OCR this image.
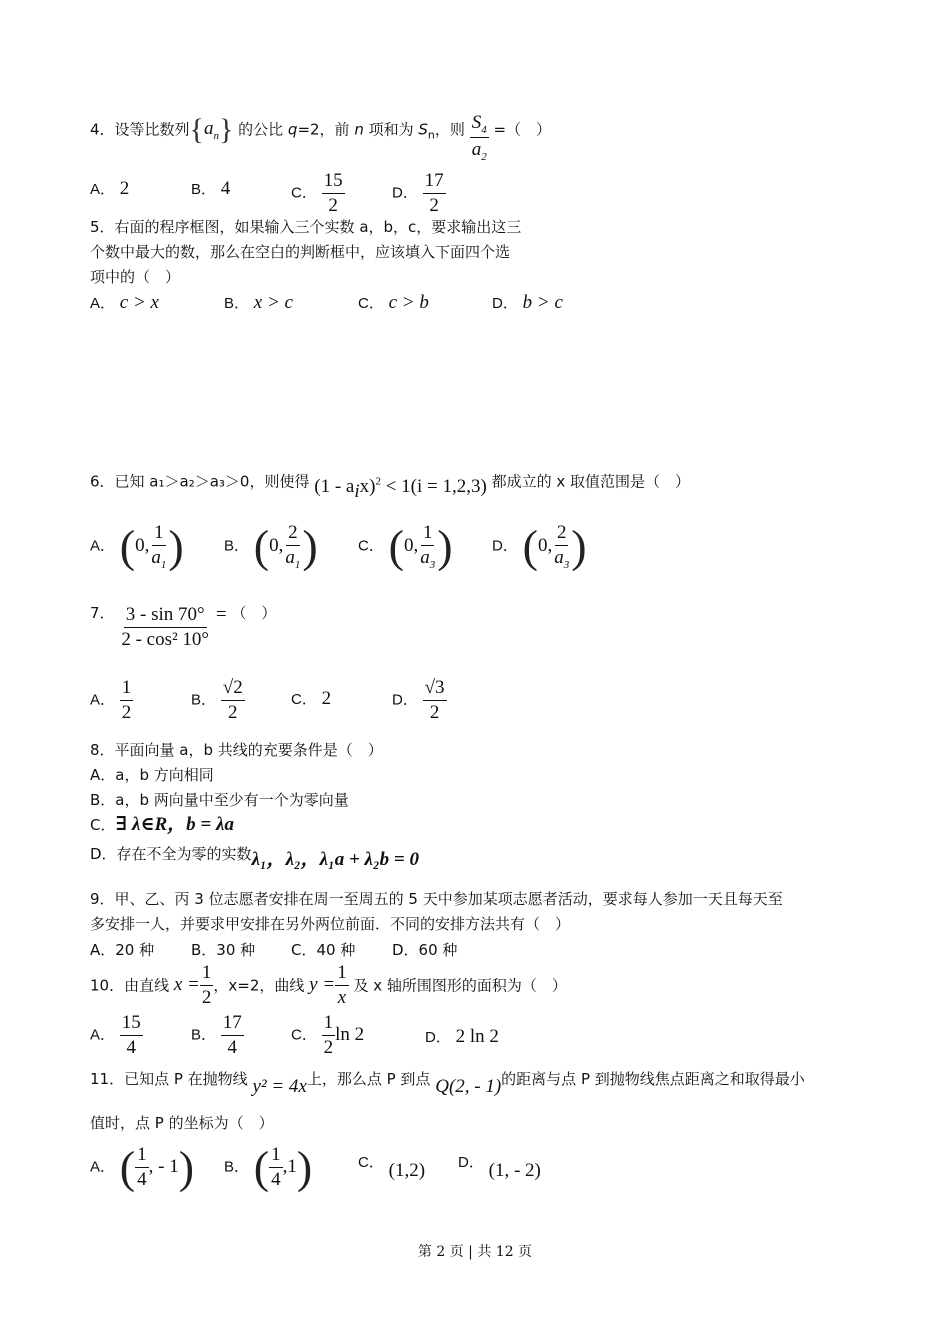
4．设等比数列$\{a_n\}$ 的公比 q=2，前 n 项和为 $S_n$，则 $\frac{S_4}{a_2}$ =（　）
A． 2	B． 4	C． $\frac{15}{2}$	D． $\frac{17}{2}$
5．右面的程序框图，如果输入三个实数 a，b，c，要求输出这三
个数中最大的数，那么在空白的判断框中，应该填入下面四个选
项中的（　）
A． c > x	B． x > c	C． c > b	D． b > c
6．已知 a₁＞a₂＞a₃＞0，则使得 $(1 - a_ix)^2 < 1(i = 1,2,3)$ 都成立的 x 取值范围是（　）
A． (0, $\frac{1}{a_1}$ )	B． (0, $\frac{2}{a_1}$ )	C． (0, $\frac{1}{a_3}$ )	D． (0, $\frac{2}{a_3}$ )
7． $\frac{3 - \sin 70^\circ}{\text{2 - cos² 10°}}$ = （　）
A． $\frac{1}{2}$	B． $\frac{√2}{2}$	C． 2	D． $\frac{√3}{2}$
8．平面向量 a，b 共线的充要条件是（　）
A．a，b 方向相同
B．a，b 两向量中至少有一个为零向量
C．∃ λ∈R，b = λa
D．存在不全为零的实数λ₁，λ₂，λ₁a + λ₂b = 0
9．甲、乙、丙 3 位志愿者安排在周一至周五的 5 天中参加某项志愿者活动，要求每人参加一天且每天至
多安排一人，并要求甲安排在另外两位前面．不同的安排方法共有（　）
A．20 种 B．30 种 C．40 种 D．60 种
10．由直线 $x = \frac{1}{2}$ ，x=2，曲线 $y = \frac{1}{x}$ 及 x 轴所围图形的面积为（　）
A． $\frac{15}{4}$	B． $\frac{17}{4}$	C． $\frac{1}{2}$ ln 2	D． 2 ln 2
11．已知点 P 在抛物线 y² = 4x上，那么点 P 到点 Q(2, - 1)的距离与点 P 到抛物线焦点距离之和取得最小
值时，点 P 的坐标为（　）
A． ( $\frac{1}{4}$ , - 1) B． ( $\frac{1}{4} ,1$)	C． (1,2) D． (1, - 2)
第 2 页 | 共 12 页
